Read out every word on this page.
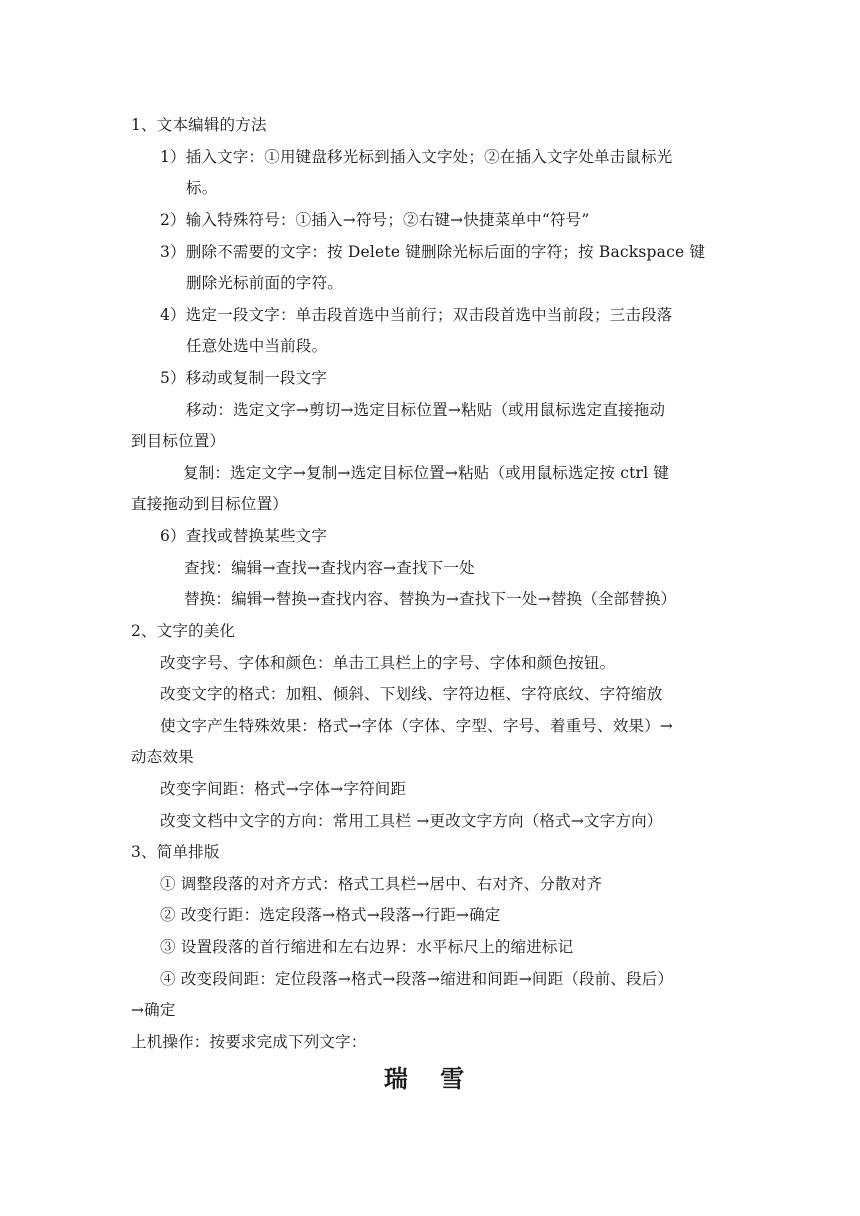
1、文本编辑的方法
1）插入文字：①用键盘移光标到插入文字处；②在插入文字处单击鼠标光
标。
2）输入特殊符号：①插入→符号；②右键→快捷菜单中“符号”
3）删除不需要的文字：按 Delete 键删除光标后面的字符；按 Backspace 键
删除光标前面的字符。
4）选定一段文字：单击段首选中当前行；双击段首选中当前段；三击段落
任意处选中当前段。
5）移动或复制一段文字
移动：选定文字→剪切→选定目标位置→粘贴（或用鼠标选定直接拖动
到目标位置）
复制：选定文字→复制→选定目标位置→粘贴（或用鼠标选定按 ctrl 键
直接拖动到目标位置）
6）查找或替换某些文字
查找：编辑→查找→查找内容→查找下一处
替换：编辑→替换→查找内容、替换为→查找下一处→替换（全部替换）
2、文字的美化
改变字号、字体和颜色：单击工具栏上的字号、字体和颜色按钮。
改变文字的格式：加粗、倾斜、下划线、字符边框、字符底纹、字符缩放
使文字产生特殊效果：格式→字体（字体、字型、字号、着重号、效果）→
动态效果
改变字间距：格式→字体→字符间距
改变文档中文字的方向：常用工具栏 →更改文字方向（格式→文字方向）
3、简单排版
① 调整段落的对齐方式：格式工具栏→居中、右对齐、分散对齐
② 改变行距：选定段落→格式→段落→行距→确定
③ 设置段落的首行缩进和左右边界：水平标尺上的缩进标记
④ 改变段间距：定位段落→格式→段落→缩进和间距→间距（段前、段后）
→确定
上机操作：按要求完成下列文字：
瑞 雪
